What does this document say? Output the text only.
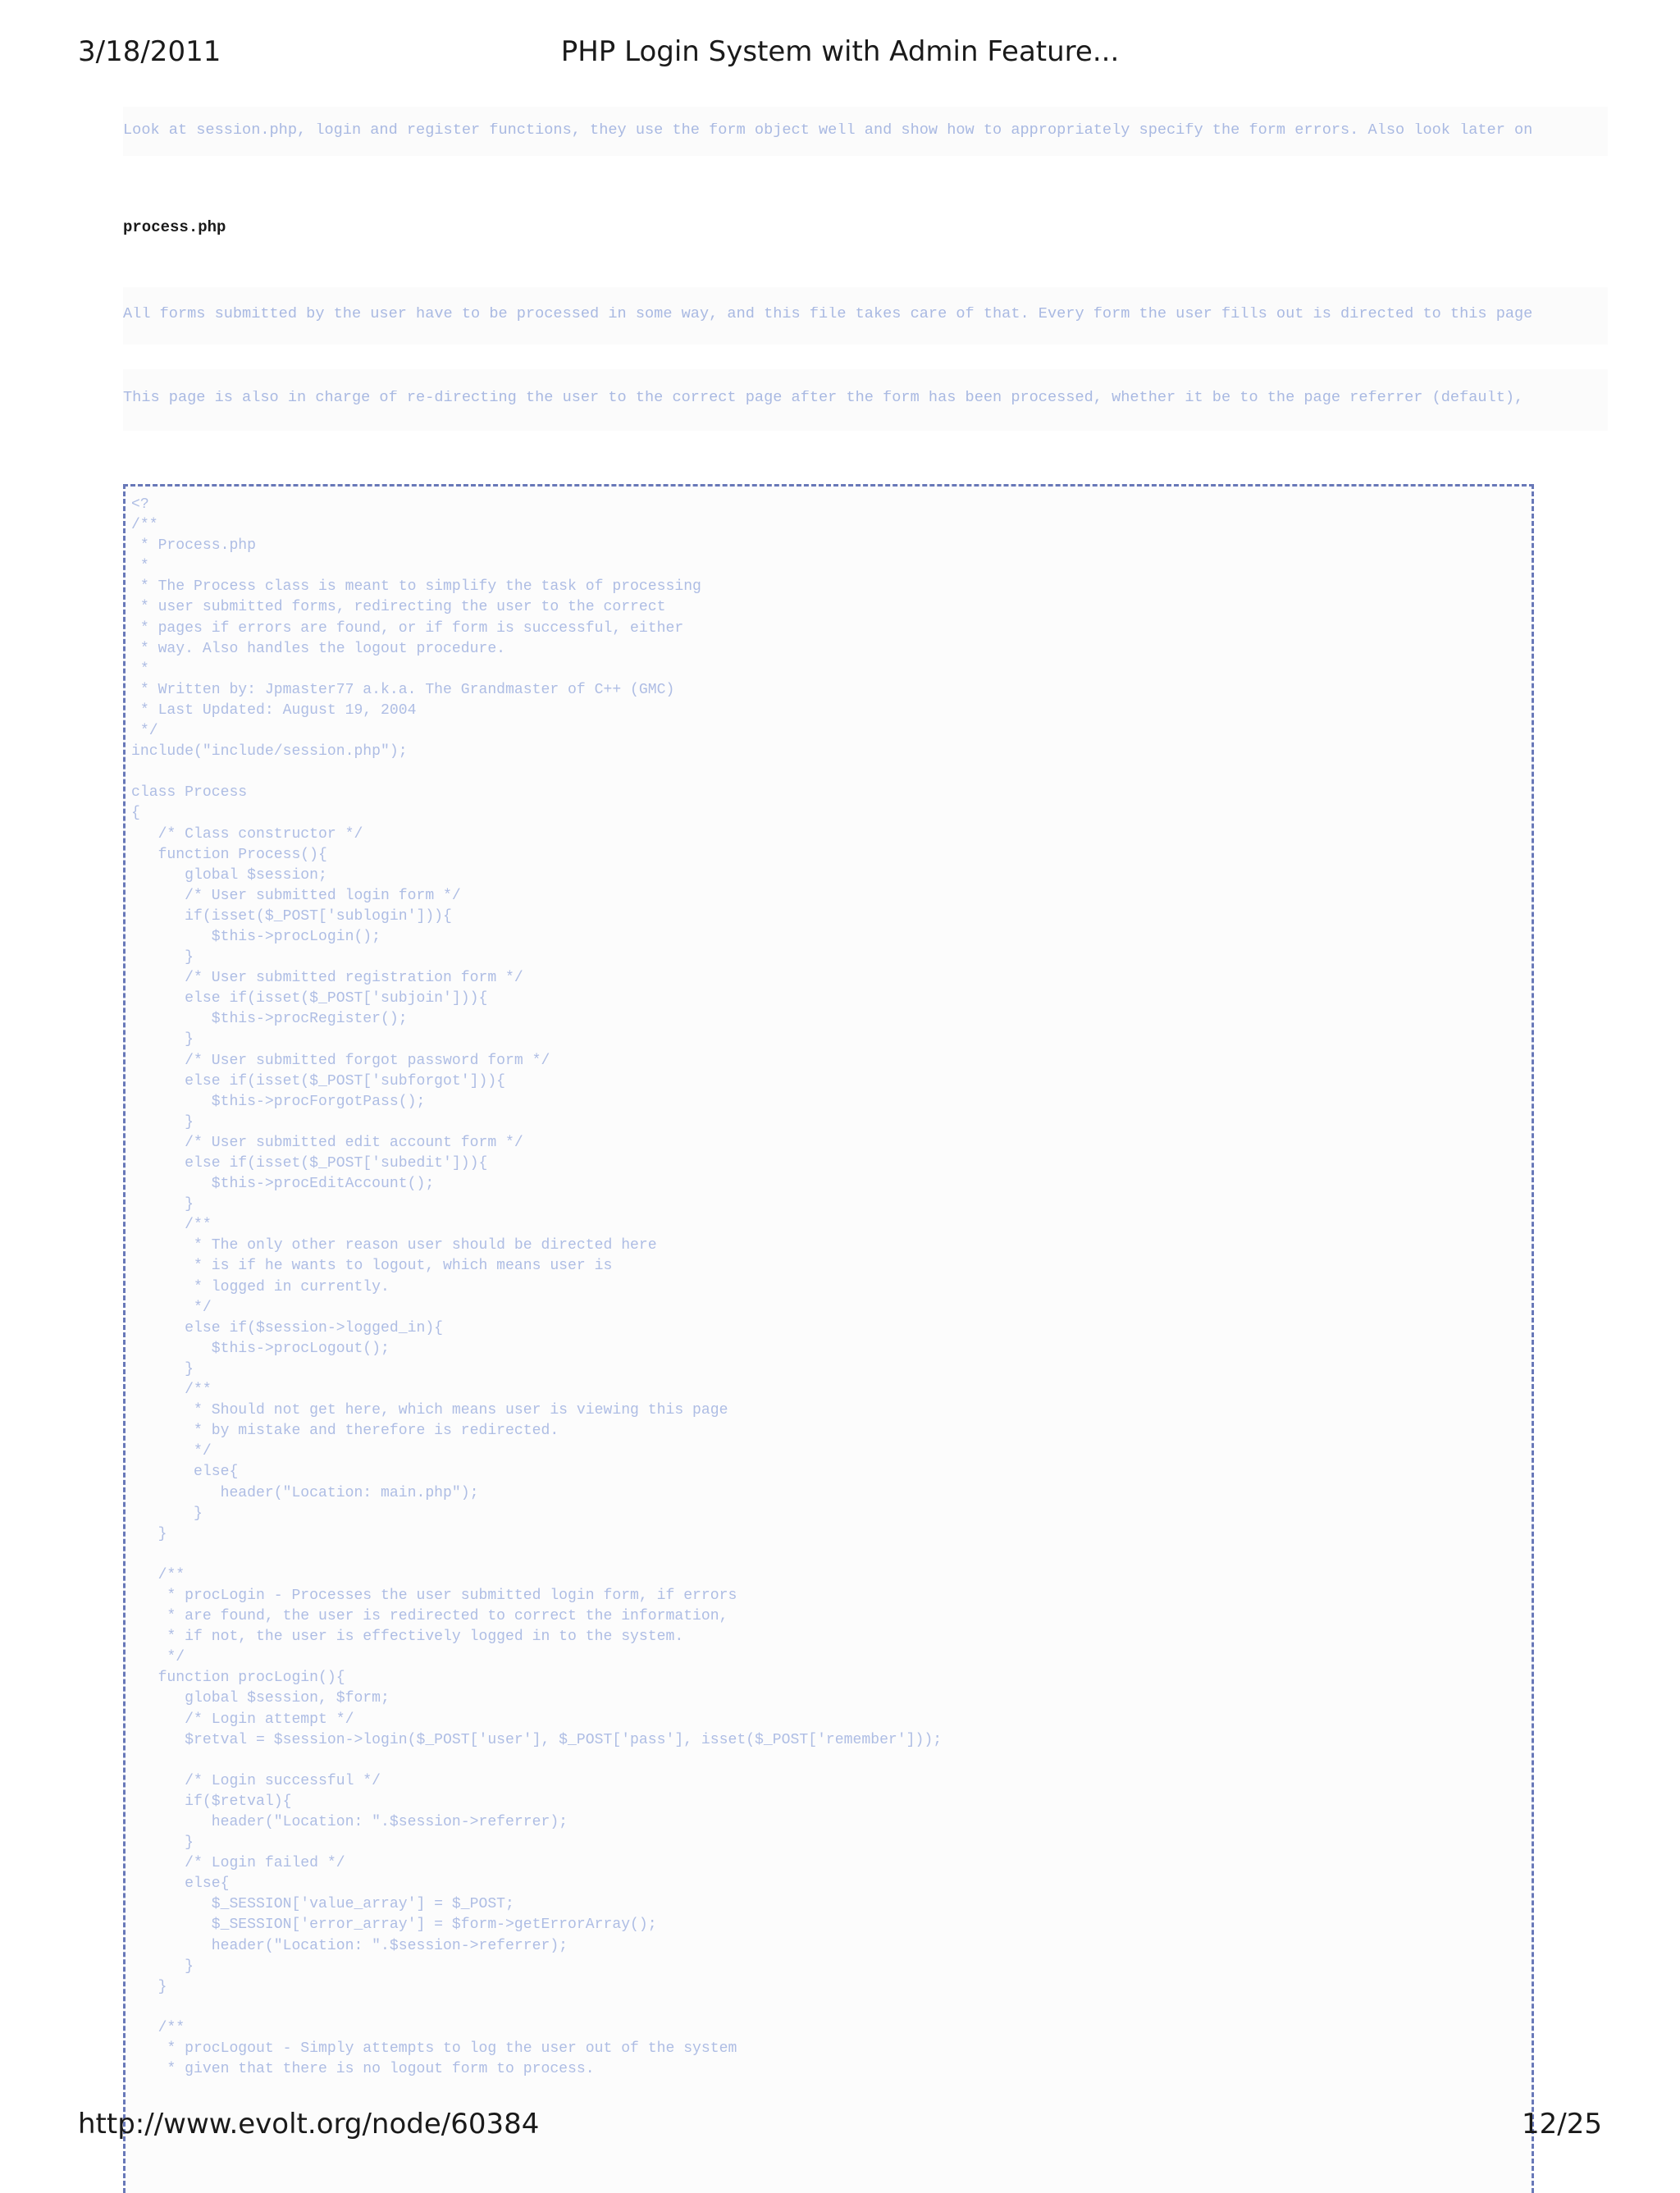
3/18/2011	PHP Login System with Admin Feature...
Look at session.php, login and register functions, they use the form object well and show how to appropriately specify the form errors. Also look later on
process.php
All forms submitted by the user have to be processed in some way, and this file takes care of that. Every form the user fills out is directed to this page
This page is also in charge of re-directing the user to the correct page after the form has been processed, whether it be to the page referrer (default),
<?
/**
* Process.php
*
* The Process class is meant to simplify the task of processing
* user submitted forms, redirecting the user to the correct
* pages if errors are found, or if form is successful, either
* way. Also handles the logout procedure.
*
* Written by: Jpmaster77 a.k.a. The Grandmaster of C++ (GMC)
* Last Updated: August 19, 2004
*/
include("include/session.php");

class Process
{
/* Class constructor */
function Process(){
global $session;
/* User submitted login form */
if(isset($_POST['sublogin'])){
$this->procLogin();
}
/* User submitted registration form */
else if(isset($_POST['subjoin'])){
$this->procRegister();
}
/* User submitted forgot password form */
else if(isset($_POST['subforgot'])){
$this->procForgotPass();
}
/* User submitted edit account form */
else if(isset($_POST['subedit'])){
$this->procEditAccount();
}
/**
* The only other reason user should be directed here
* is if he wants to logout, which means user is
* logged in currently.
*/
else if($session->logged_in){
$this->procLogout();
}
/**
* Should not get here, which means user is viewing this page
* by mistake and therefore is redirected.
*/
else{
header("Location: main.php");
}
}

/**
* procLogin - Processes the user submitted login form, if errors
* are found, the user is redirected to correct the information,
* if not, the user is effectively logged in to the system.
*/
function procLogin(){
global $session, $form;
/* Login attempt */
$retval = $session->login($_POST['user'], $_POST['pass'], isset($_POST['remember']));

/* Login successful */
if($retval){
header("Location: ".$session->referrer);
}
/* Login failed */
else{
$_SESSION['value_array'] = $_POST;
$_SESSION['error_array'] = $form->getErrorArray();
header("Location: ".$session->referrer);
}
}

/**
* procLogout - Simply attempts to log the user out of the system
* given that there is no logout form to process.
http://www.evolt.org/node/60384	12/25
